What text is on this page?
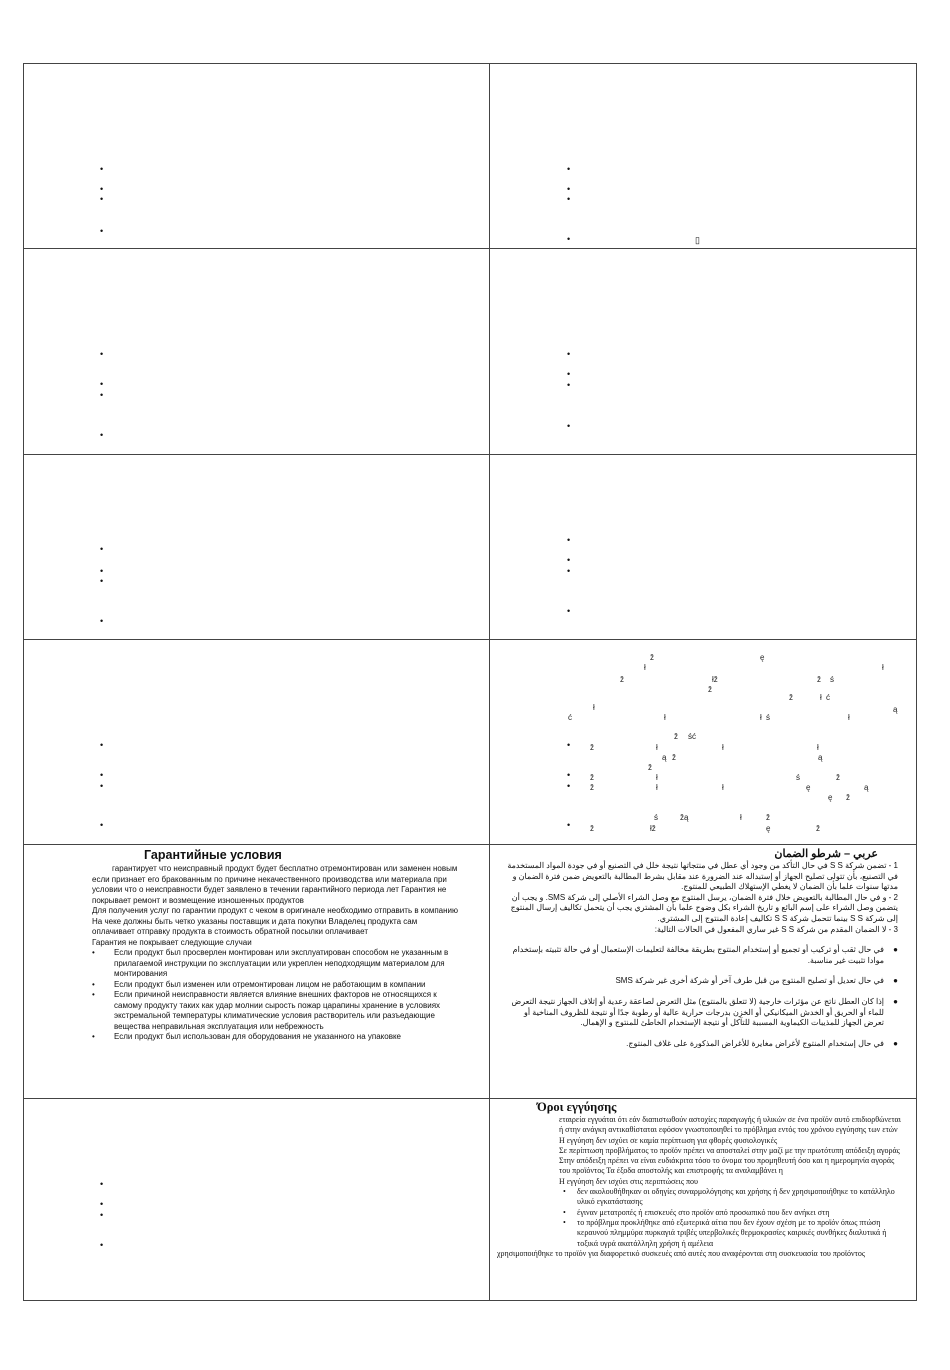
•
•
•
•
•
•
•
•
•
•
•
•
•
•
•
•
•
•
•
•
•
•
•
•
•
•
•
•
•
•
•
•
•
•
•
•
▯
ž	ę
ł	ł
ž	łž	ž ś
ž
ž	ł ć
ł	ą
ć	ł	ł ś	ł
ž ść
ž	ł	ł	ł
ą ž	ą
ž
ž	ł	ś	ž
ž	ł	ł	ę	ą
ę ž
ś	žą	ł	ž
ž	łž	ę	ž
Гарантийные условия

гарантирует что неисправный продукт будет бесплатно отремонтирован или заменен новым если признает его бракованным по причине некачественного производства или материала при условии что о неисправности будет заявлено в течении гарантийного периода лет Гарантия не покрывает ремонт и возмещение изношенных продуктов

Для получения услуг по гарантии продукт с чеком в оригинале необходимо отправить в компанию На чеке должны быть четко указаны поставщик и дата покупки Владелец продукта сам оплачивает отправку продукта в стоимость обратной посылки оплачивает

Гарантия не покрывает следующие случаи

• Если продукт был просверлен монтирован или эксплуатирован способом не указанным в прилагаемой инструкции по эксплуатации или укреплен неподходящим материалом для монтирования
• Если продукт был изменен или отремонтирован лицом не работающим в компании
• Если причиной неисправности является влияние внешних факторов не относящихся к самому продукту таких как удар молнии сырость пожар царапины хранение в условиях экстремальной температуры климатические условия растворитель или разъедающие вещества неправильная эксплуатация или небрежность
• Если продукт был использован для оборудования не указанного на упаковке
عربي – شرطو الضمان

1 - تضمن شركة S S في حال التأكد من وجود أي عطل في منتجاتها نتيجة خلل في التصنيع أو في جودة المواد المستخدمة في التصنيع، بأن تتولى تصليح الجهاز أو إستبداله عند الضرورة عند مقابل بشرط المطالبة بالتعويض ضمن فترة الضمان و مدتها سنوات علما بأن الضمان لا يغطي الإستهلاك الطبيعي للمنتوج.

2 - و في حال المطالبة بالتعويض خلال فترة الضمان، يرسل المنتوج مع وصل الشراء الأصلي إلى شركة SMS. و يجب أن يتضمن وصل الشراء على إسم البائع و تاريخ الشراء بكل وضوح علما بأن المشتري يجب أن يتحمل تكاليف إرسال المنتوج إلى شركة S S بينما تتحمل شركة S S تكاليف إعادة المنتوج إلى المشتري.

3 - لا الضمان المقدم من شركة S S غير ساري المفعول في الحالات التالية:

● في حال ثقب أو تركيب أو تجميع أو إستخدام المنتوج بطريقة مخالفة لتعليمات الإستعمال أو في حالة تثبيته بإستخدام موادا تثبيت غير مناسبة.

● في حال تعديل أو تصليح المنتوج من قبل طرف آخر أو شركة أخرى غير شركة SMS

● إذا كان العطل ناتج عن مؤثرات خارجية (لا تتعلق بالمنتوج) مثل التعرض لصاعقة رعدية أو إتلاف الجهاز نتيجة التعرض للماء أو الحريق أو الخدش الميكانيكي أو الخزن بدرجات حرارية عالية أو رطوبة جدًا أو نتيجة للظروف المناخية أو تعرض الجهاز للمذيبات الكيماوية المسببة للتآكل أو نتيجة الإستخدام الخاطئ للمنتوج و الإهمال.

● في حال إستخدام المنتوج لأغراض مغايرة للأغراض المذكورة على غلاف المنتوج.

Όροι εγγύησης

εταιρεία εγγυάται ότι εάν διαπιστωθούν αστοχίες παραγωγής ή υλικών σε ένα προϊόν αυτό επιδιορθώνεται ή στην ανάγκη αντικαθίσταται εφόσον γνωστοποιηθεί το πρόβλημα εντός του χρόνου εγγύησης των ετών Η εγγύηση δεν ισχύει σε καμία περίπτωση για φθορές φυσιολογικές

Σε περίπτωση προβλήματος το προϊόν πρέπει να αποσταλεί στην μαζί με την πρωτότυπη απόδειξη αγοράς Στην απόδειξη πρέπει να είναι ευδιάκριτα τόσο το όνομα του προμηθευτή όσο και η ημερομηνία αγοράς του προϊόντος Τα έξοδα αποστολής και επιστροφής τα αναλαμβάνει η

Η εγγύηση δεν ισχύει στις περιπτώσεις που

• δεν ακολουθήθηκαν οι οδηγίες συναρμολόγησης και χρήσης ή δεν χρησιμοποιήθηκε το κατάλληλο υλικό εγκατάστασης
• έγιναν μετατροπές ή επισκευές στο προϊόν από προσωπικό που δεν ανήκει στη
• το πρόβλημα προκλήθηκε από εξωτερικά αίτια που δεν έχουν σχέση με το προϊόν όπως πτώση κεραυνού πλημμύρα πυρκαγιά τριβές υπερβολικές θερμοκρασίες καιρικές συνθήκες διαλυτικά ή τοξικά υγρά ακατάλληλη χρήση ή αμέλεια

χρησιμοποιήθηκε το προϊόν για διαφορετικό συσκευές από αυτές που αναφέρονται στη συσκευασία του προϊόντος
